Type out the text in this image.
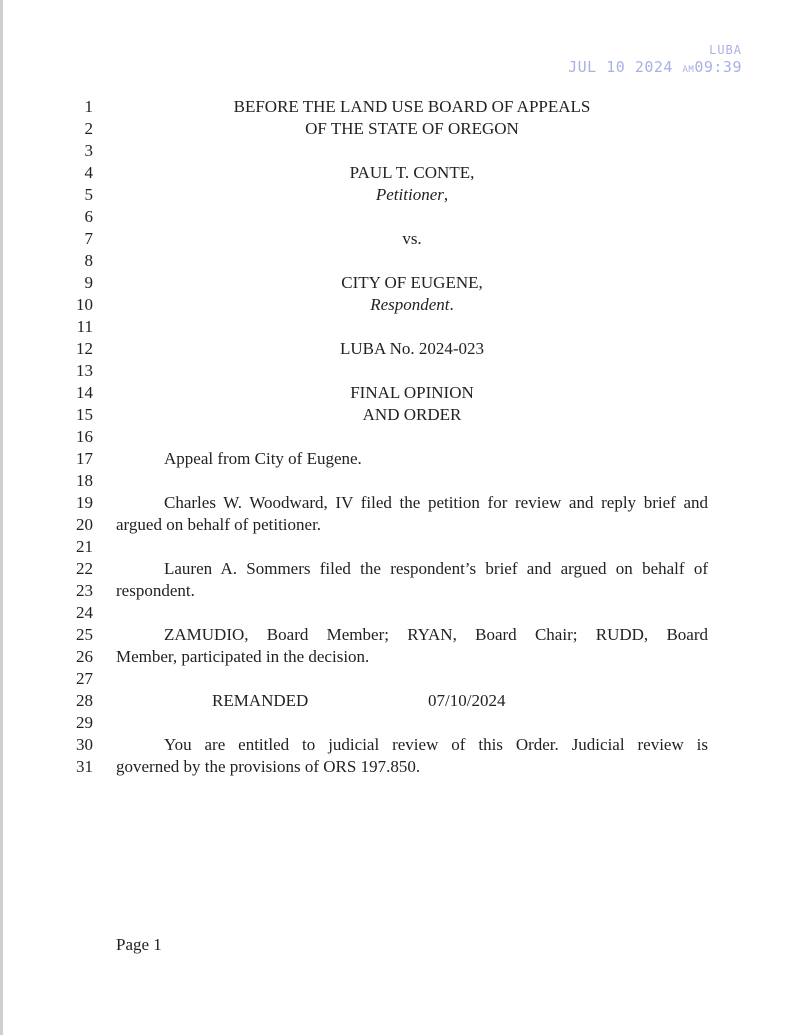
LUBA
JUL 10 2024 AM09:39
1
2
3
4
5
6
7
8
9
10
11
12
13
14
15
16
17
18
19
20
21
22
23
24
25
26
27
28
29
30
31
BEFORE THE LAND USE BOARD OF APPEALS
OF THE STATE OF OREGON
PAUL T. CONTE,
Petitioner,
vs.
CITY OF EUGENE,
Respondent.
LUBA No. 2024-023
FINAL OPINION
AND ORDER
Appeal from City of Eugene.
Charles W. Woodward, IV filed the petition for review and reply brief and
argued on behalf of petitioner.
Lauren A. Sommers filed the respondent’s brief and argued on behalf of
respondent.
ZAMUDIO, Board Member; RYAN, Board Chair; RUDD, Board
Member, participated in the decision.
REMANDED	07/10/2024
You are entitled to judicial review of this Order. Judicial review is
governed by the provisions of ORS 197.850.
Page 1
